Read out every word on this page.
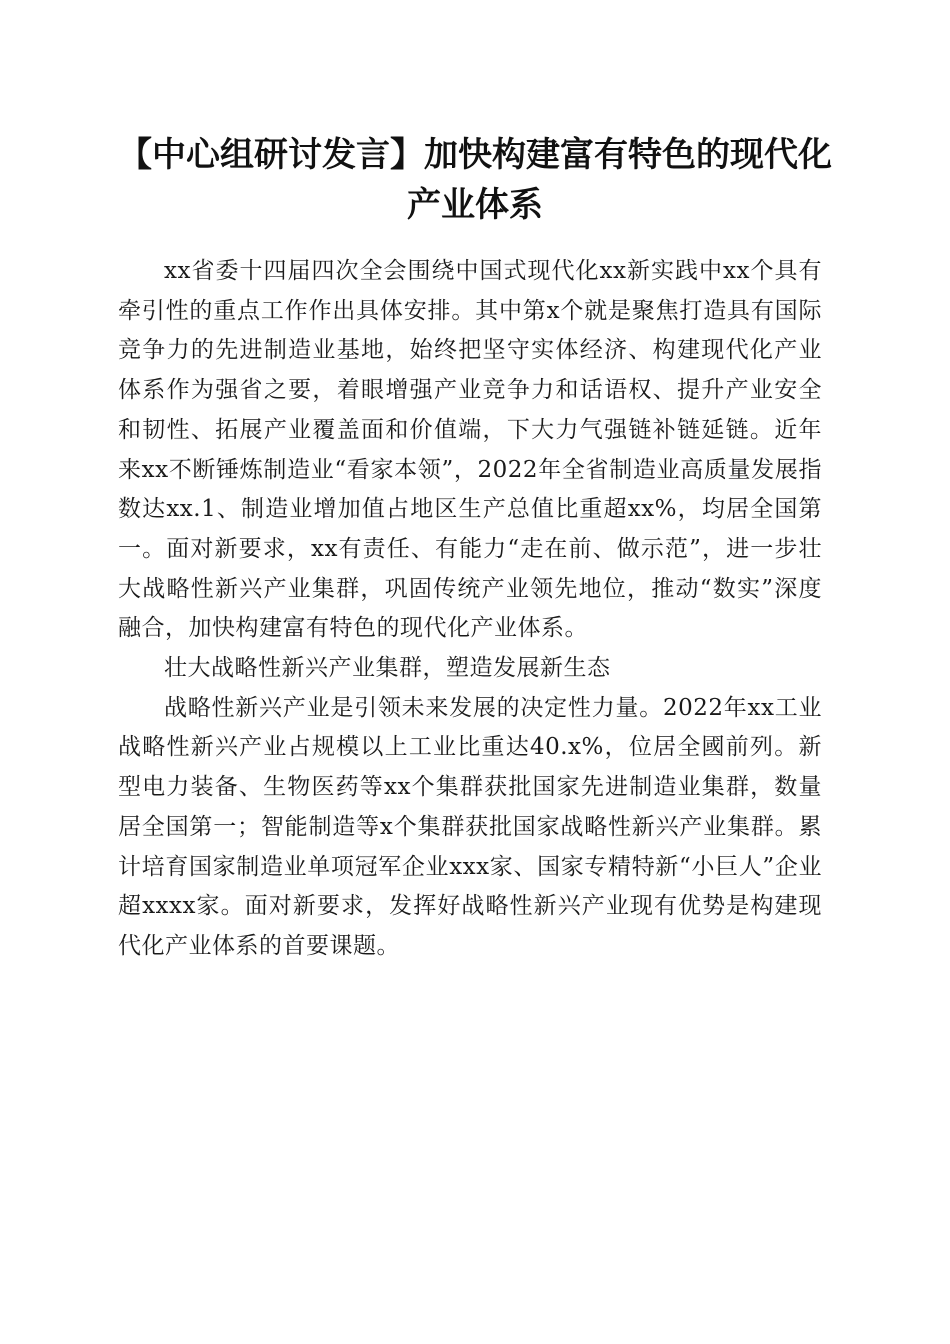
【中心组研讨发言】加快构建富有特色的现代化产业体系

xx省委十四届四次全会围绕中国式现代化xx新实践中xx个具有牵引性的重点工作作出具体安排。其中第x个就是聚焦打造具有国际竞争力的先进制造业基地，始终把坚守实体经济、构建现代化产业体系作为强省之要，着眼增强产业竞争力和话语权、提升产业安全和韧性、拓展产业覆盖面和价值端，下大力气强链补链延链。近年来xx不断锤炼制造业“看家本领”，2022年全省制造业高质量发展指数达xx.1、制造业增加值占地区生产总值比重超xx%，均居全国第一。面对新要求，xx有责任、有能力“走在前、做示范”，进一步壮大战略性新兴产业集群，巩固传统产业领先地位，推动“数实”深度融合，加快构建富有特色的现代化产业体系。

壮大战略性新兴产业集群，塑造发展新生态

战略性新兴产业是引领未来发展的决定性力量。2022年xx工业战略性新兴产业占规模以上工业比重达40.x%，位居全國前列。新型电力装备、生物医药等xx个集群获批国家先进制造业集群，数量居全国第一；智能制造等x个集群获批国家战略性新兴产业集群。累计培育国家制造业单项冠军企业xxx家、国家专精特新“小巨人”企业超xxxx家。面对新要求，发挥好战略性新兴产业现有优势是构建现代化产业体系的首要课题。
